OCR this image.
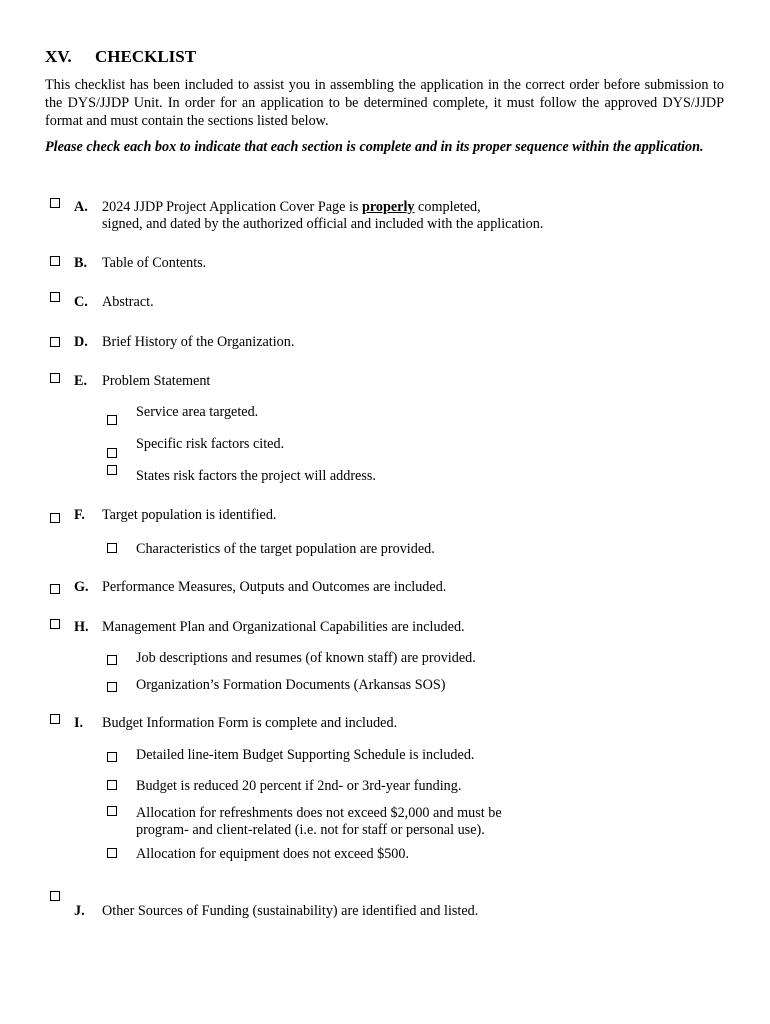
XV. CHECKLIST
This checklist has been included to assist you in assembling the application in the correct order before submission to the DYS/JJDP Unit. In order for an application to be determined complete, it must follow the approved DYS/JJDP format and must contain the sections listed below.
Please check each box to indicate that each section is complete and in its proper sequence within the application.
A. 2024 JJDP Project Application Cover Page is properly completed,
signed, and dated by the authorized official and included with the application.
B. Table of Contents.
C. Abstract.
D. Brief History of the Organization.
E. Problem Statement
Service area targeted.
Specific risk factors cited.
States risk factors the project will address.
F. Target population is identified.
Characteristics of the target population are provided.
G. Performance Measures, Outputs and Outcomes are included.
H. Management Plan and Organizational Capabilities are included.
Job descriptions and resumes (of known staff) are provided.
Organization’s Formation Documents (Arkansas SOS)
I. Budget Information Form is complete and included.
Detailed line-item Budget Supporting Schedule is included.
Budget is reduced 20 percent if 2nd- or 3rd-year funding.
Allocation for refreshments does not exceed $2,000 and must be
program- and client-related (i.e. not for staff or personal use).
Allocation for equipment does not exceed $500.
J. Other Sources of Funding (sustainability) are identified and listed.
